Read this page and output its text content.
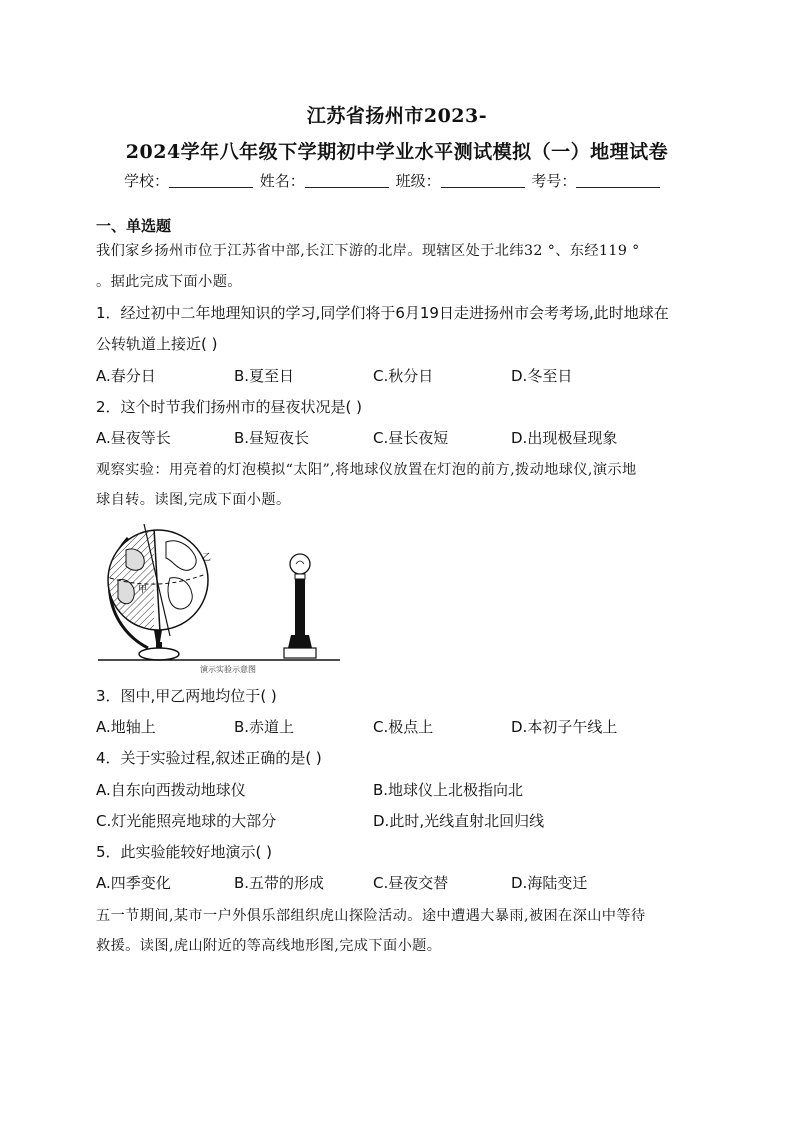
江苏省扬州市2023-
2024学年八年级下学期初中学业水平测试模拟（一）地理试卷
学校：	姓名：	班级：	考号：
一、单选题
我们家乡扬州市位于江苏省中部,长江下游的北岸。现辖区处于北纬32 °、东经119 °
。据此完成下面小题。
1．经过初中二年地理知识的学习,同学们将于6月19日走进扬州市会考考场,此时地球在
公转轨道上接近( )
A.春分日	B.夏至日	C.秋分日	D.冬至日
2．这个时节我们扬州市的昼夜状况是( )
A.昼夜等长	B.昼短夜长	C.昼长夜短	D.出现极昼现象
观察实验：用亮着的灯泡模拟“太阳”,将地球仪放置在灯泡的前方,拨动地球仪,演示地
球自转。读图,完成下面小题。
甲
乙
演示实验示意图
3．图中,甲乙两地均位于( )
A.地轴上	B.赤道上	C.极点上	D.本初子午线上
4．关于实验过程,叙述正确的是( )
A.自东向西拨动地球仪	B.地球仪上北极指向北
C.灯光能照亮地球的大部分	D.此时,光线直射北回归线
5．此实验能较好地演示( )
A.四季变化	B.五带的形成	C.昼夜交替	D.海陆变迁
五一节期间,某市一户外俱乐部组织虎山探险活动。途中遭遇大暴雨,被困在深山中等待
救援。读图,虎山附近的等高线地形图,完成下面小题。
